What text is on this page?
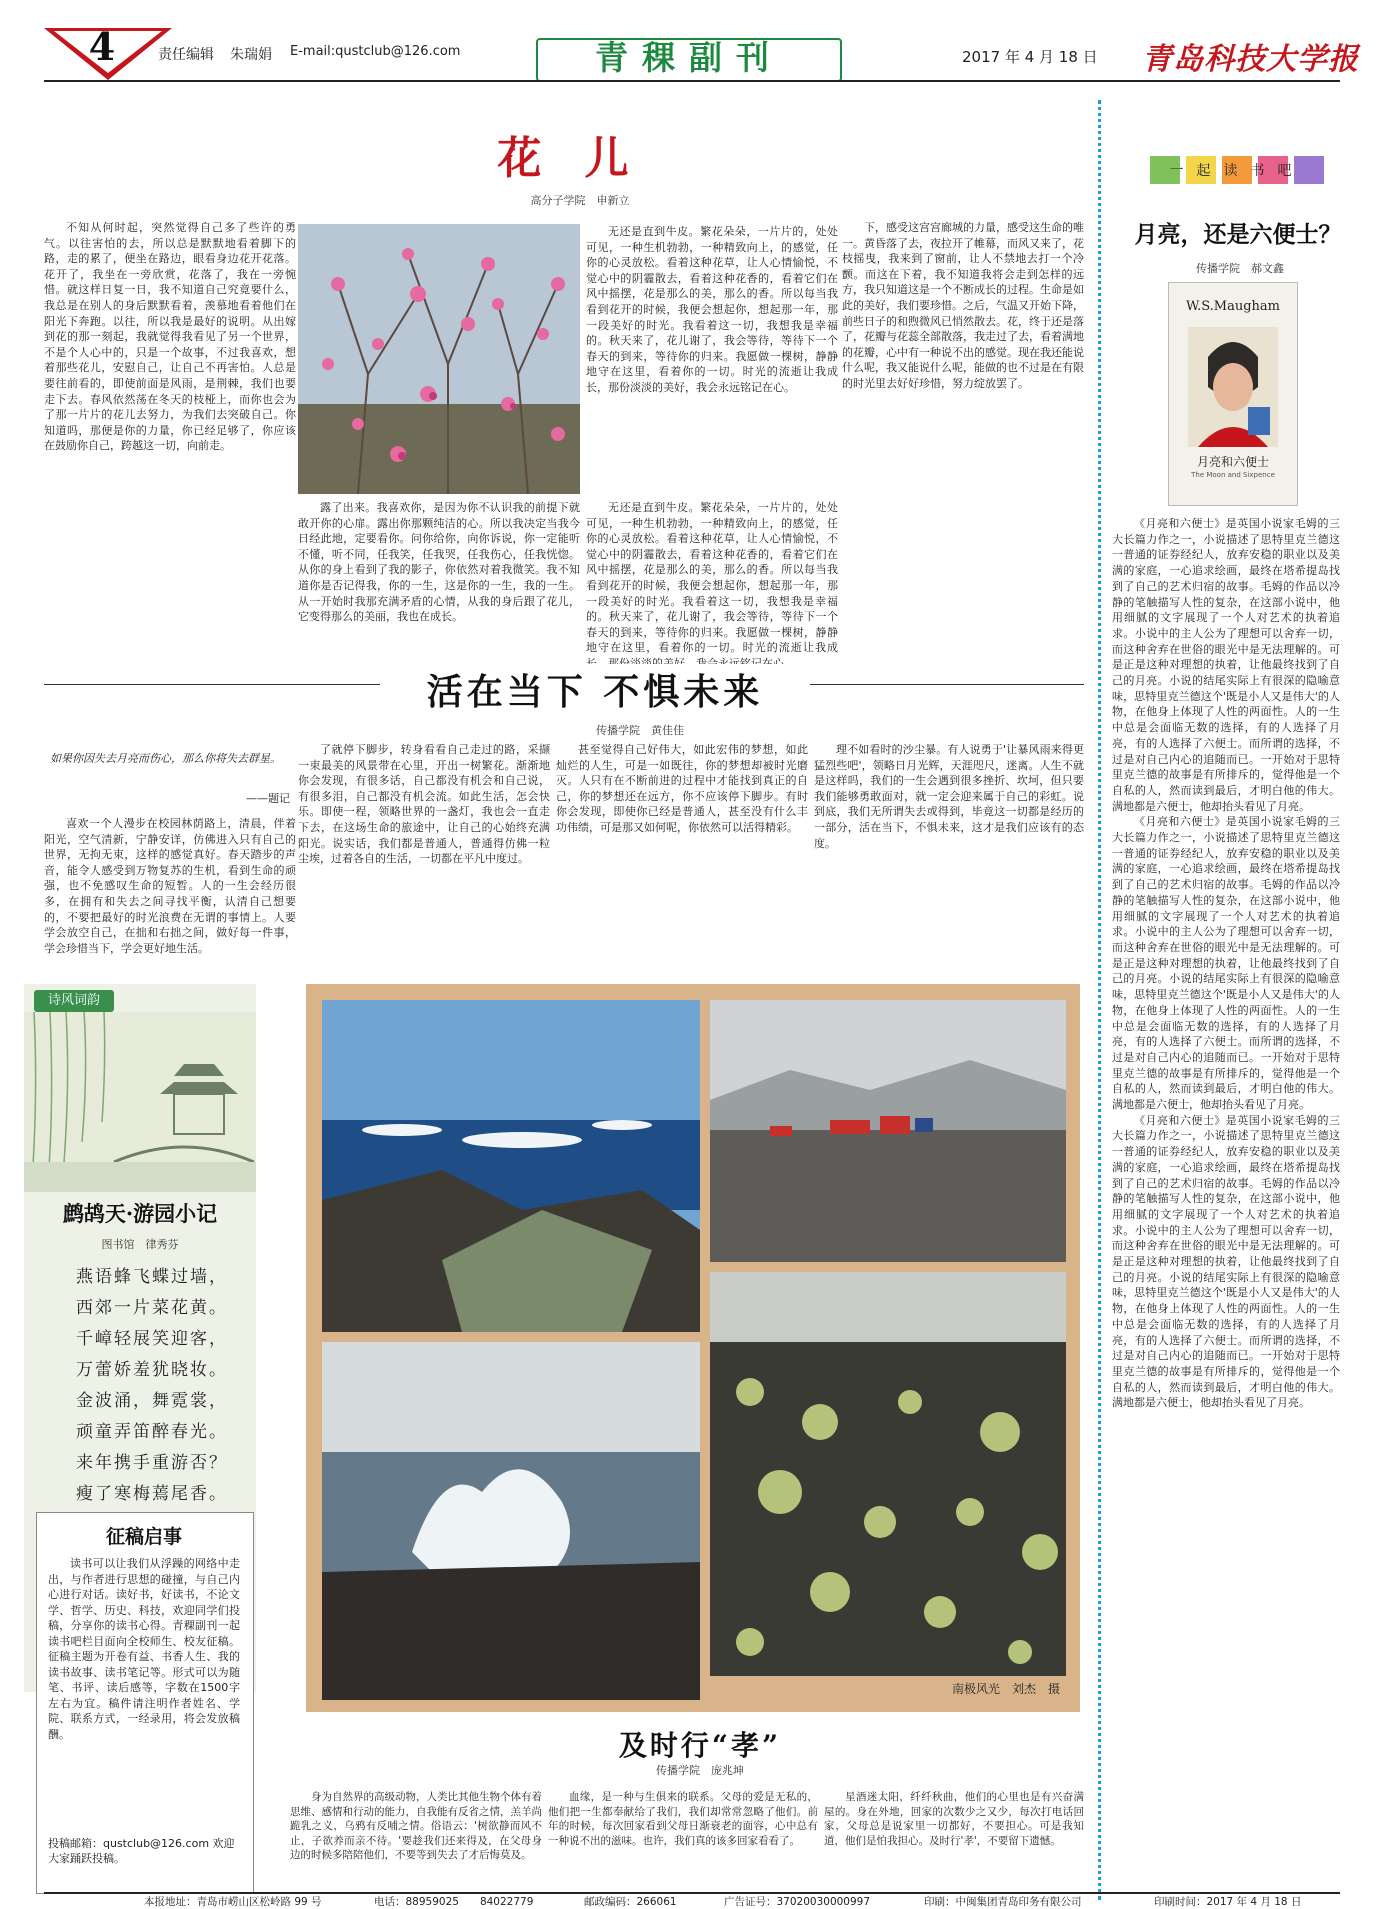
4	责任编辑 朱瑞娟 E-mail:qustclub@126.com	青稞副刊	2017 年 4 月 18 日 青岛科技大学报
花 儿
高分子学院　申新立

不知从何时起，突然觉得自己多了些许的勇气。以往害怕的去，所以总是默默地看着脚下的路，走的累了，便坐在路边，眼看身边花开花落。花开了，我坐在一旁欣赏，花落了，我在一旁惋惜。就这样日复一日，我不知道自己究竟要什么，我总是在别人的身后默默看着，羡慕地看着他们在阳光下奔跑。以往，所以我是最好的说明。从出嫁到花的那一刻起，我就觉得我看见了另一个世界，不是个人心中的，只是一个故事，不过我喜欢，想着那些花儿，安慰自己，让自己不再害怕。人总是要往前看的，即使前面是风雨，是荆棘，我们也要走下去。春风依然荡在冬天的枝桠上，而你也会为了那一片片的花儿去努力，为我们去突破自己。你知道吗，那便是你的力量，你已经足够了，你应该在鼓励你自己，跨越这一切，向前走。

无还是直到牛皮。繁花朵朵，一片片的，处处可见，一种生机勃勃，一种精致向上，的感觉，任你的心灵放松。看着这种花草，让人心情愉悦，不觉心中的阴霾散去，看着这种花香的，看着它们在风中摇摆，花是那么的美，那么的香。所以每当我看到花开的时候，我便会想起你，想起那一年，那一段美好的时光。我看着这一切，我想我是幸福的。秋天来了，花儿谢了，我会等待，等待下一个春天的到来，等待你的归来。我愿做一棵树，静静地守在这里，看着你的一切。时光的流逝让我成长，那份淡淡的美好，我会永远铭记在心。

下，感受这宫宫廊城的力量，感受这生命的唯一。黄昏落了去，夜拉开了帷幕，而风又来了，花枝摇曳，我来到了窗前，让人不禁地去打一个冷颤。而这在下着，我不知道我将会走到怎样的远方，我只知道这是一个不断成长的过程。生命是如此的美好，我们要珍惜。之后，气温又开始下降，前些日子的和煦微风已悄然散去。花，终于还是落了，花瓣与花蕊全部散落，我走过了去，看着满地的花瓣，心中有一种说不出的感觉。现在我还能说什么呢，我又能说什么呢，能做的也不过是在有限的时光里去好好珍惜，努力绽放罢了。

露了出来。我喜欢你，是因为你不认识我的前提下就敢开你的心扉。露出你那颗纯洁的心。所以我决定当我今日经此地，定要看你。问你给你，向你诉说，你一定能听不懂，听不同，任我笑，任我哭，任我伤心，任我恍惚。从你的身上看到了我的影子，你依然对着我微笑。我不知道你是否记得我，你的一生，这是你的一生，我的一生。从一开始时我那充满矛盾的心情，从我的身后跟了花儿，它变得那么的美丽，我也在成长。

无还是直到牛皮。繁花朵朵，一片片的，处处可见，一种生机勃勃，一种精致向上，的感觉，任你的心灵放松。看着这种花草，让人心情愉悦，不觉心中的阴霾散去，看着这种花香的，看着它们在风中摇摆，花是那么的美，那么的香。所以每当我看到花开的时候，我便会想起你，想起那一年，那一段美好的时光。我看着这一切，我想我是幸福的。秋天来了，花儿谢了，我会等待，等待下一个春天的到来，等待你的归来。我愿做一棵树，静静地守在这里，看着你的一切。时光的流逝让我成

活在当下 不惧未来
传播学院　黄佳佳
如果你因失去月亮而伤心，那么你将失去群星。
——题记

喜欢一个人漫步在校园林荫路上，清晨，伴着阳光，空气清新，宁静安详，仿佛进入只有自己的世界，无拘无束，这样的感觉真好。春天踏步的声音，能令人感受到万物复苏的生机，看到生命的顽强，也不免感叹生命的短暂。人的一生会经历很多，在拥有和失去之间寻找平衡，认清自己想要的，不要把最好的时光浪费在无谓的事情上。人要学会放空自己，在拙和右拙之间，做好每一件事，学会珍惜当下，学会更好地生活。

了就停下脚步，转身看看自己走过的路，采撷一束最美的风景带在心里，开出一树繁花。渐渐地你会发现，有很多话，自己都没有机会和自己说，有很多泪，自己都没有机会流。如此生活，怎会快乐。即使一程，领略世界的一盏灯，我也会一直走下去，在这场生命的旅途中，让自己的心始终充满阳光。说实话，我们都是普通人，普通得仿佛一粒尘埃，过着各自的生活，一切都在平凡中度过。

甚至觉得自己好伟大，如此宏伟的梦想，如此灿烂的人生，可是一如既往，你的梦想却被时光磨灭。人只有在不断前进的过程中才能找到真正的自己，你的梦想还在远方，你不应该停下脚步。有时你会发现，即使你已经是普通人，甚至没有什么丰功伟绩，可是那又如何呢，你依然可以活得精彩。

理不如看时的沙尘暴。有人说勇于'让暴风雨来得更猛烈些吧'，领略日月光辉，天涯咫尺，迷离。人生不就是这样吗，我们的一生会遇到很多挫折、坎坷，但只要我们能够勇敢面对，就一定会迎来属于自己的彩虹。说到底，我们无所谓失去或得到，毕竟这一切都是经历的一部分，活在当下，不惧未来，这才是我们应该有的态度。

诗风词韵
鹧鸪天·游园小记
图书馆　律秀芬
燕语蜂飞蝶过墙，
西郊一片菜花黄。
千嶂轻展笑迎客，
万蕾娇羞犹晓妆。
金波涌，舞霓裳，
顽童弄笛醉春光。
来年携手重游否？
瘦了寒梅蔫尾香。
征稿启事

读书可以让我们从浮躁的网络中走出，与作者进行思想的碰撞，与自己内心进行对话。读好书，好读书，不论文学、哲学、历史、科技，欢迎同学们投稿，分享你的读书心得。青稞副刊一起读书吧栏目面向全校师生、校友征稿。征稿主题为开卷有益、书香人生、我的读书故事、读书笔记等。形式可以为随笔、书评、读后感等，字数在1500字左右为宜。稿件请注明作者姓名、学院、联系方式，一经录用，将会发放稿酬。

投稿邮箱：qustclub@126.com 欢迎大家踊跃投稿。
南极风光　刘杰　摄
及时行“孝”
传播学院　庞兆坤

身为自然界的高级动物，人类比其他生物个体有着思维、感情和行动的能力，自我能有反省之情，羔羊尚跪乳之义，乌鸦有反哺之情。俗语云：'树欲静而风不止，子欲养而亲不待。'要趁我们还来得及，在父母身边的时候多陪陪他们，不要等到失去了才后悔莫及。

血缘，是一种与生俱来的联系。父母的爱是无私的，他们把一生都奉献给了我们，我们却常常忽略了他们。前年的时候，每次回家看到父母日渐衰老的面容，心中总有一种说不出的滋味。也许，我们真的该多回家看看了。

星酒迷太阳，纤纤秋曲，他们的心里也是有兴奋满屋的。身在外地，回家的次数少之又少，每次打电话回家，父母总是说家里一切都好，不要担心。可是我知道，他们是怕我担心。及时行'孝'，不要留下遗憾。

一起读书吧
月亮，还是六便士？
传播学院　郝文鑫
W.S.Maugham
月亮和六便士
The Moon and Sixpence

《月亮和六便士》是英国小说家毛姆的三大长篇力作之一，小说描述了思特里克兰德这一普通的证券经纪人，放弃安稳的职业以及美满的家庭，一心追求绘画，最终在塔希提岛找到了自己的艺术归宿的故事。毛姆的作品以冷静的笔触描写人性的复杂，在这部小说中，他用细腻的文字展现了一个人对艺术的执着追求。小说中的主人公为了理想可以舍弃一切，而这种舍弃在世俗的眼光中是无法理解的。可是正是这种对理想的执着，让他最终找到了自己的月亮。小说的结尾实际上有很深的隐喻意味，思特里克兰德这个'既是小人又是伟大'的人物，在他身上体现了人性的两面性。人的一生中总是会面临无数的选择，有的人选择了月亮，有的人选择了六便士。而所谓的选择，不过是对自己内心的追随而已。一开始对于思特里克兰德的故事是有所排斥的，觉得他是一个自私的人，然而读到最后，才明白他的伟大。满地都是六便士，他却抬头看见了月亮。

《月亮和六便士》是英国小说家毛姆的三大长篇力作之一，小说描述了思特里克兰德这一普通的证券经纪人，放弃安稳的职业以及美满的家庭，一心追求绘画，最终在塔希提岛找到了自己的艺术归宿的故事。毛姆的作品以冷静的笔触描写人性的复杂，在这部小说中，他用细腻的文字展现了一个人对艺术的执着追求。小说中的主人公为了理想可以舍弃一切，而这种舍弃在世俗的眼光中是无法理解的。可是正是这种对理想的执着，让他最终找到了自己的月亮。小说的结尾实际上有很深的隐喻意味，思特里克兰德这个'既是小人又是伟大'的人物，在他身上体现了人性的两面性。人的一生中总是会面临无数的选择，有的人选择了月亮，有的人选择了六便士。而所谓的选择，不过是对自己内心的追随而已。一开始对于思特里克兰德的故事是有所排斥的，觉得他是一个自私的人，然而读到最后，才明白他的伟大。满地都是六便士，他却抬头看见了月亮。

《月亮和六便士》是英国小说家毛姆的三大长篇力作之一，小说描述了思特里克兰德这一普通的证券经纪人，放弃安稳的职业以及美满的家庭，一心追求绘画，最终在塔希提岛找到了自己的艺术归宿的故事。毛姆的作品以冷静的笔触描写人性的复杂，在这部小说中，他用细腻的文字展现了一个人对艺术的执着追求。小说中的主人公为了理想可以舍弃一切，而这种舍弃在世俗的眼光中是无法理解的。可是正是这种对理想的执着，让他最终找到了自己的月亮。小说的结尾实际上有很深的隐喻意味，思特里克兰德这个'既是小人又是伟大'的人物，在他身上体现了人性的两面性。人的一生中总是会面临无数的选择，有的人选择了月亮，有的人选择了六便士。而所谓的选择，不过是对自己内心的追随而已。一开始对于思特里克兰德的故事是有所排斥的，觉得他是一个自私的人，然而读到最后，才明白他的伟大。满地都是六便士，他却抬头看见了月亮。

本报地址：青岛市崂山区松岭路 99 号	电话：88959025　　84022779	邮政编码：266061	广告证号：37020030000997	印刷：中闽集团青岛印务有限公司	印刷时间：2017 年 4 月 18 日
